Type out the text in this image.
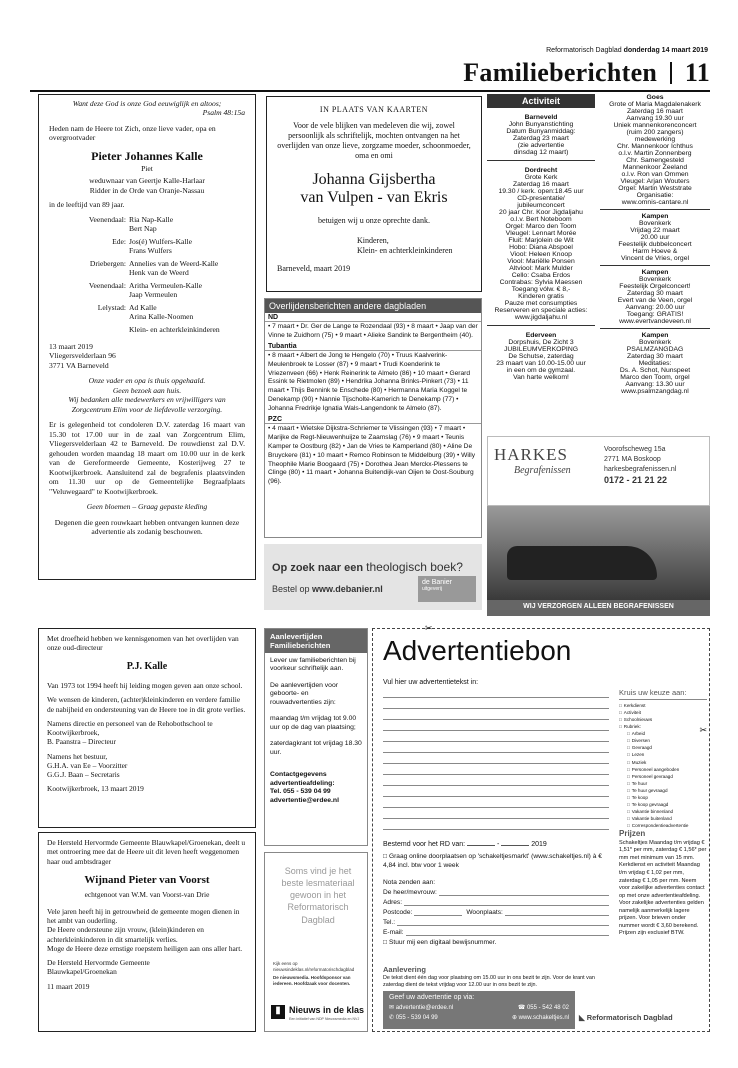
Reformatorisch Dagblad donderdag 14 maart 2019
Familieberichten 11

Want deze God is onze God eeuwiglijk en altoos;

Psalm 48:15a

Heden nam de Heere tot Zich, onze lieve vader, opa en overgrootvader

Pieter Johannes Kalle

Piet

weduwnaar van Geertje Kalle-Harlaar

Ridder in de Orde van Oranje-Nassau

in de leeftijd van 89 jaar.

Veenendaal: Ria Nap-Kalle
Bert Nap
Ede: Jos(é) Wulfers-Kalle
Frans Wulfers
Driebergen: Annelies van de Weerd-Kalle
Henk van de Weerd
Veenendaal: Aritha Vermeulen-Kalle
Jaap Vermeulen
Lelystad: Ad Kalle
Arina Kalle-Noomen
Klein- en achterkleinkinderen

13 maart 2019

Vliegersvelderlaan 96

3771 VA Barneveld

Onze vader en opa is thuis opgehaald.

Geen bezoek aan huis.

Wij bedanken alle medewerkers en vrijwilligers van Zorgcentrum Elim voor de liefdevolle verzorging.

Er is gelegenheid tot condoleren D.V. zaterdag 16 maart van 15.30 tot 17.00 uur in de zaal van Zorgcentrum Elim, Vliegersvelderlaan 42 te Barneveld. De rouwdienst zal D.V. gehouden worden maandag 18 maart om 10.00 uur in de kerk van de Gereformeerde Gemeente, Kosterijweg 27 te Kootwijkerbroek. Aansluitend zal de begrafenis plaatsvinden om 11.30 uur op de Gemeentelijke Begraafplaats "Veluwegaard" te Kootwijkerbroek.

Geen bloemen – Graag gepaste kleding

Degenen die geen rouwkaart hebben ontvangen kunnen deze advertentie als zodanig beschouwen.

IN PLAATS VAN KAARTEN

Voor de vele blijken van medeleven die wij, zowel persoonlijk als schriftelijk, mochten ontvangen na het overlijden van onze lieve, zorgzame moeder, schoonmoeder, oma en omi

Johanna Gijsbertha
van Vulpen - van Ekris

betuigen wij u onze oprechte dank.

Kinderen,

Klein- en achterkleinkinderen

Barneveld, maart 2019

Overlijdensberichten andere dagbladen
ND
• 7 maart • Dr. Ger de Lange te Rozendaal (93) • 8 maart • Jaap van der Vinne te Zuidhorn (75) • 9 maart • Alieke Sandink te Bergentheim (40).
Tubantia
• 8 maart • Albert de Jong te Hengelo (70) • Truus Kaalverink-Meulenbroek te Losser (87) • 9 maart • Trudi Koenderink te Vriezenveen (66) • Henk Reinerink te Almelo (86) • 10 maart • Gerard Essink te Rietmolen (89) • Hendrika Johanna Brinks-Pinkert (73) • 11 maart • Thijs Bennink te Enschede (80) • Hermanna Maria Koggel te Denekamp (90) • Nannie Tijscholte-Kamerich te Denekamp (77) • Johanna Fredrikje Ignatia Wals-Langendonk te Almelo (87).
PZC
• 4 maart • Wietske Dijkstra-Schriemer te Vlissingen (93) • 7 maart • Marijke de Regt-Nieuwenhuijze te Zaamslag (76) • 9 maart • Teunis Kamper te Oostburg (82) • Jan de Vries te Kamperland (80) • Aline De Bruyckere (81) • 10 maart • Remco Robinson te Middelburg (39) • Willy Theophile Marie Boogaard (75) • Dorothea Jean Merckx-Plessens te Clinge (80) • 11 maart • Johanna Buitendijk-van Oijen te Oost-Souburg (96).
Op zoek naar een theologisch boek?
Bestel op www.debanier.nl
de Banier
uitgeverij
Activiteit
Barneveld
John Bunyanstichting
Datum Bunyanmiddag:
Zaterdag 23 maart
(zie advertentie
dinsdag 12 maart)
Dordrecht
Grote Kerk
Zaterdag 16 maart
19.30 / kerk. open:18.45 uur
CD-presentatie/
jubileumconcert
20 jaar Chr. Koor Jigdaljahu
o.l.v. Bert Noteboom
Orgel: Marco den Toom
Vleugel: Lennart Morée
Fluit: Marjolein de Wit
Hobo: Diana Abspoel
Viool: Heleen Knoop
Viool: Mariëlle Ponsen
Altviool: Mark Mulder
Cello: Csaba Erdos
Contrabas: Sylvia Maessen
Toegang vólw. € 8,-
Kinderen gratis
Pauze met consumpties
Reserveren en speciale acties:
www.jigdaljahu.nl
Ederveen
Dorpshuis, De Zicht 3
JUBILEUMVERKOPING
De Schutse, zaterdag
23 maart van 10.00-15.00 uur
in een om de gymzaal.
Van harte welkom!
Goes
Grote of Maria Magdalenakerk
Zaterdag 16 maart
Aanvang 19.30 uur
Uniek mannenkorenconcert
(ruim 200 zangers)
medewerking
Chr. Mannenkoor Ichthus
o.l.v. Martin Zonnenberg
Chr. Samengesteld
Mannenkoor Zeeland
o.l.v. Ron van Ommen
Vleugel: Arjan Wouters
Orgel: Martin Weststrate
Organisatie:
www.omnis-cantare.nl
Kampen
Bovenkerk
Vrijdag 22 maart
20.00 uur
Feestelijk dubbelconcert
Harm Hoeve &
Vincent de Vries, orgel
Kampen
Bovenkerk
Feestelijk Orgelconcert!
Zaterdag 30 maart
Evert van de Veen, orgel
Aanvang: 20.00 uur
Toegang: GRATIS!
www.evertvandeveen.nl
Kampen
Bovenkerk
PSALMZANGDAG
Zaterdag 30 maart
Meditaties:
Ds. A. Schot, Nunspeet
Marco den Toom, orgel
Aanvang: 13.30 uur
www.psalmzangdag.nl
HARKES
Begrafenissen
Voorofscheweg 15a
2771 MA Boskoop
harkesbegrafenissen.nl
0172 - 21 21 22
WIJ VERZORGEN ALLEEN BEGRAFENISSEN

Met droefheid hebben we kennisgenomen van het overlijden van onze oud-directeur

P.J. Kalle

Van 1973 tot 1994 heeft hij leiding mogen geven aan onze school.

We wensen de kinderen, (achter)kleinkinderen en verdere familie de nabijheid en ondersteuning van de Heere toe in dit grote verlies.

Namens directie en personeel van de Rehobothschool te Kootwijkerbroek,

B. Paanstra – Directeur

Namens het bestuur,

G.H.A. van Ee – Voorzitter

G.G.J. Baan – Secretaris

Kootwijkerbroek, 13 maart 2019

De Hersteld Hervormde Gemeente Blauwkapel/Groenekan, deelt u met ontroering mee dat de Heere uit dit leven heeft weggenomen haar oud ambtsdrager

Wijnand Pieter van Voorst

echtgenoot van W.M. van Voorst-van Drie

Vele jaren heeft hij in getrouwheid de gemeente mogen dienen in het ambt van ouderling.

De Heere ondersteune zijn vrouw, (klein)kinderen en achterkleinkinderen in dit smartelijk verlies.

Moge de Heere deze ernstige roepstem heiligen aan ons aller hart.

De Hersteld Hervormde Gemeente

Blauwkapel/Groenekan

11 maart 2019

Aanlevertijden Familieberichten

Lever uw familieberichten bij voorkeur schriftelijk aan.

De aanlevertijden voor geboorte- en rouwadvertenties zijn:

maandag t/m vrijdag tot 9.00 uur op de dag van plaatsing;

zaterdagkrant tot vrijdag 18.30 uur.

Contactgegevens advertentieafdeling:

Tel. 055 - 539 04 99

advertentie@erdee.nl

Soms vind je het beste lesmateriaal gewoon in het Reformatorisch Dagblad
Kijk eens op nieuwsindeklas.nl/reformatorischdagblad
De nieuwsmedia. Hoofdsponsor van iedereen. Hoofdzaak voor docenten.
▮ Nieuws in de klas
Een initiatief van NDP Nieuwsmedia en NVJ
✂
✂
Advertentiebon
Vul hier uw advertentietekst in:
Kruis uw keuze aan:
□ Kerkdienst
□ Activiteit
□ Schoolnieuws
□ Rubriek:
□ Arbeid
□ Diversen
□ Gevraagd
□ Lezen
□ Muziek
□ Personeel aangeboden
□ Personeel gevraagd
□ Te huur
□ Te huur gevraagd
□ Te koop
□ Te koop gevraagd
□ Vakantie binnenland
□ Vakantie buitenland
□ Correspondentieadvertentie
Bestemd voor het RD van:	-	2019
□ Graag online doorplaatsen op 'schakeltjesmarkt' (www.schakeltjes.nl) à € 4,84 incl. btw voor 1 week
Nota zenden aan:
De heer/mevrouw:
Adres:
Postcode:	Woonplaats:
Tel.:
E-mail:
□ Stuur mij een digitaal bewijsnummer.
Aanlevering
De tekst dient één dag voor plaatsing om 15.00 uur in ons bezit te zijn. Voor de krant van zaterdag dient de tekst vrijdag voor 12.00 uur in ons bezit te zijn.
Geef uw advertentie op via:
✉ advertentie@erdee.nl	☎ 055 - 542 48 02
✆ 055 - 539 04 99	⊕ www.schakeltjes.nl
Prijzen
Schakeltjes Maandag t/m vrijdag € 1,51* per mm, zaterdag € 1,56* per mm met minimum van 15 mm. Kerkdienst en activiteit Maandag t/m vrijdag € 1,02 per mm, zaterdag € 1,05 per mm. Neem voor zakelijke advertenties contact op met onze advertentieafdeling. Voor zakelijke advertenties gelden namelijk aanmerkelijk lagere prijzen. Voor brieven onder nummer wordt € 3,60 berekend. Prijzen zijn exclusief BTW.
◣ Reformatorisch Dagblad
